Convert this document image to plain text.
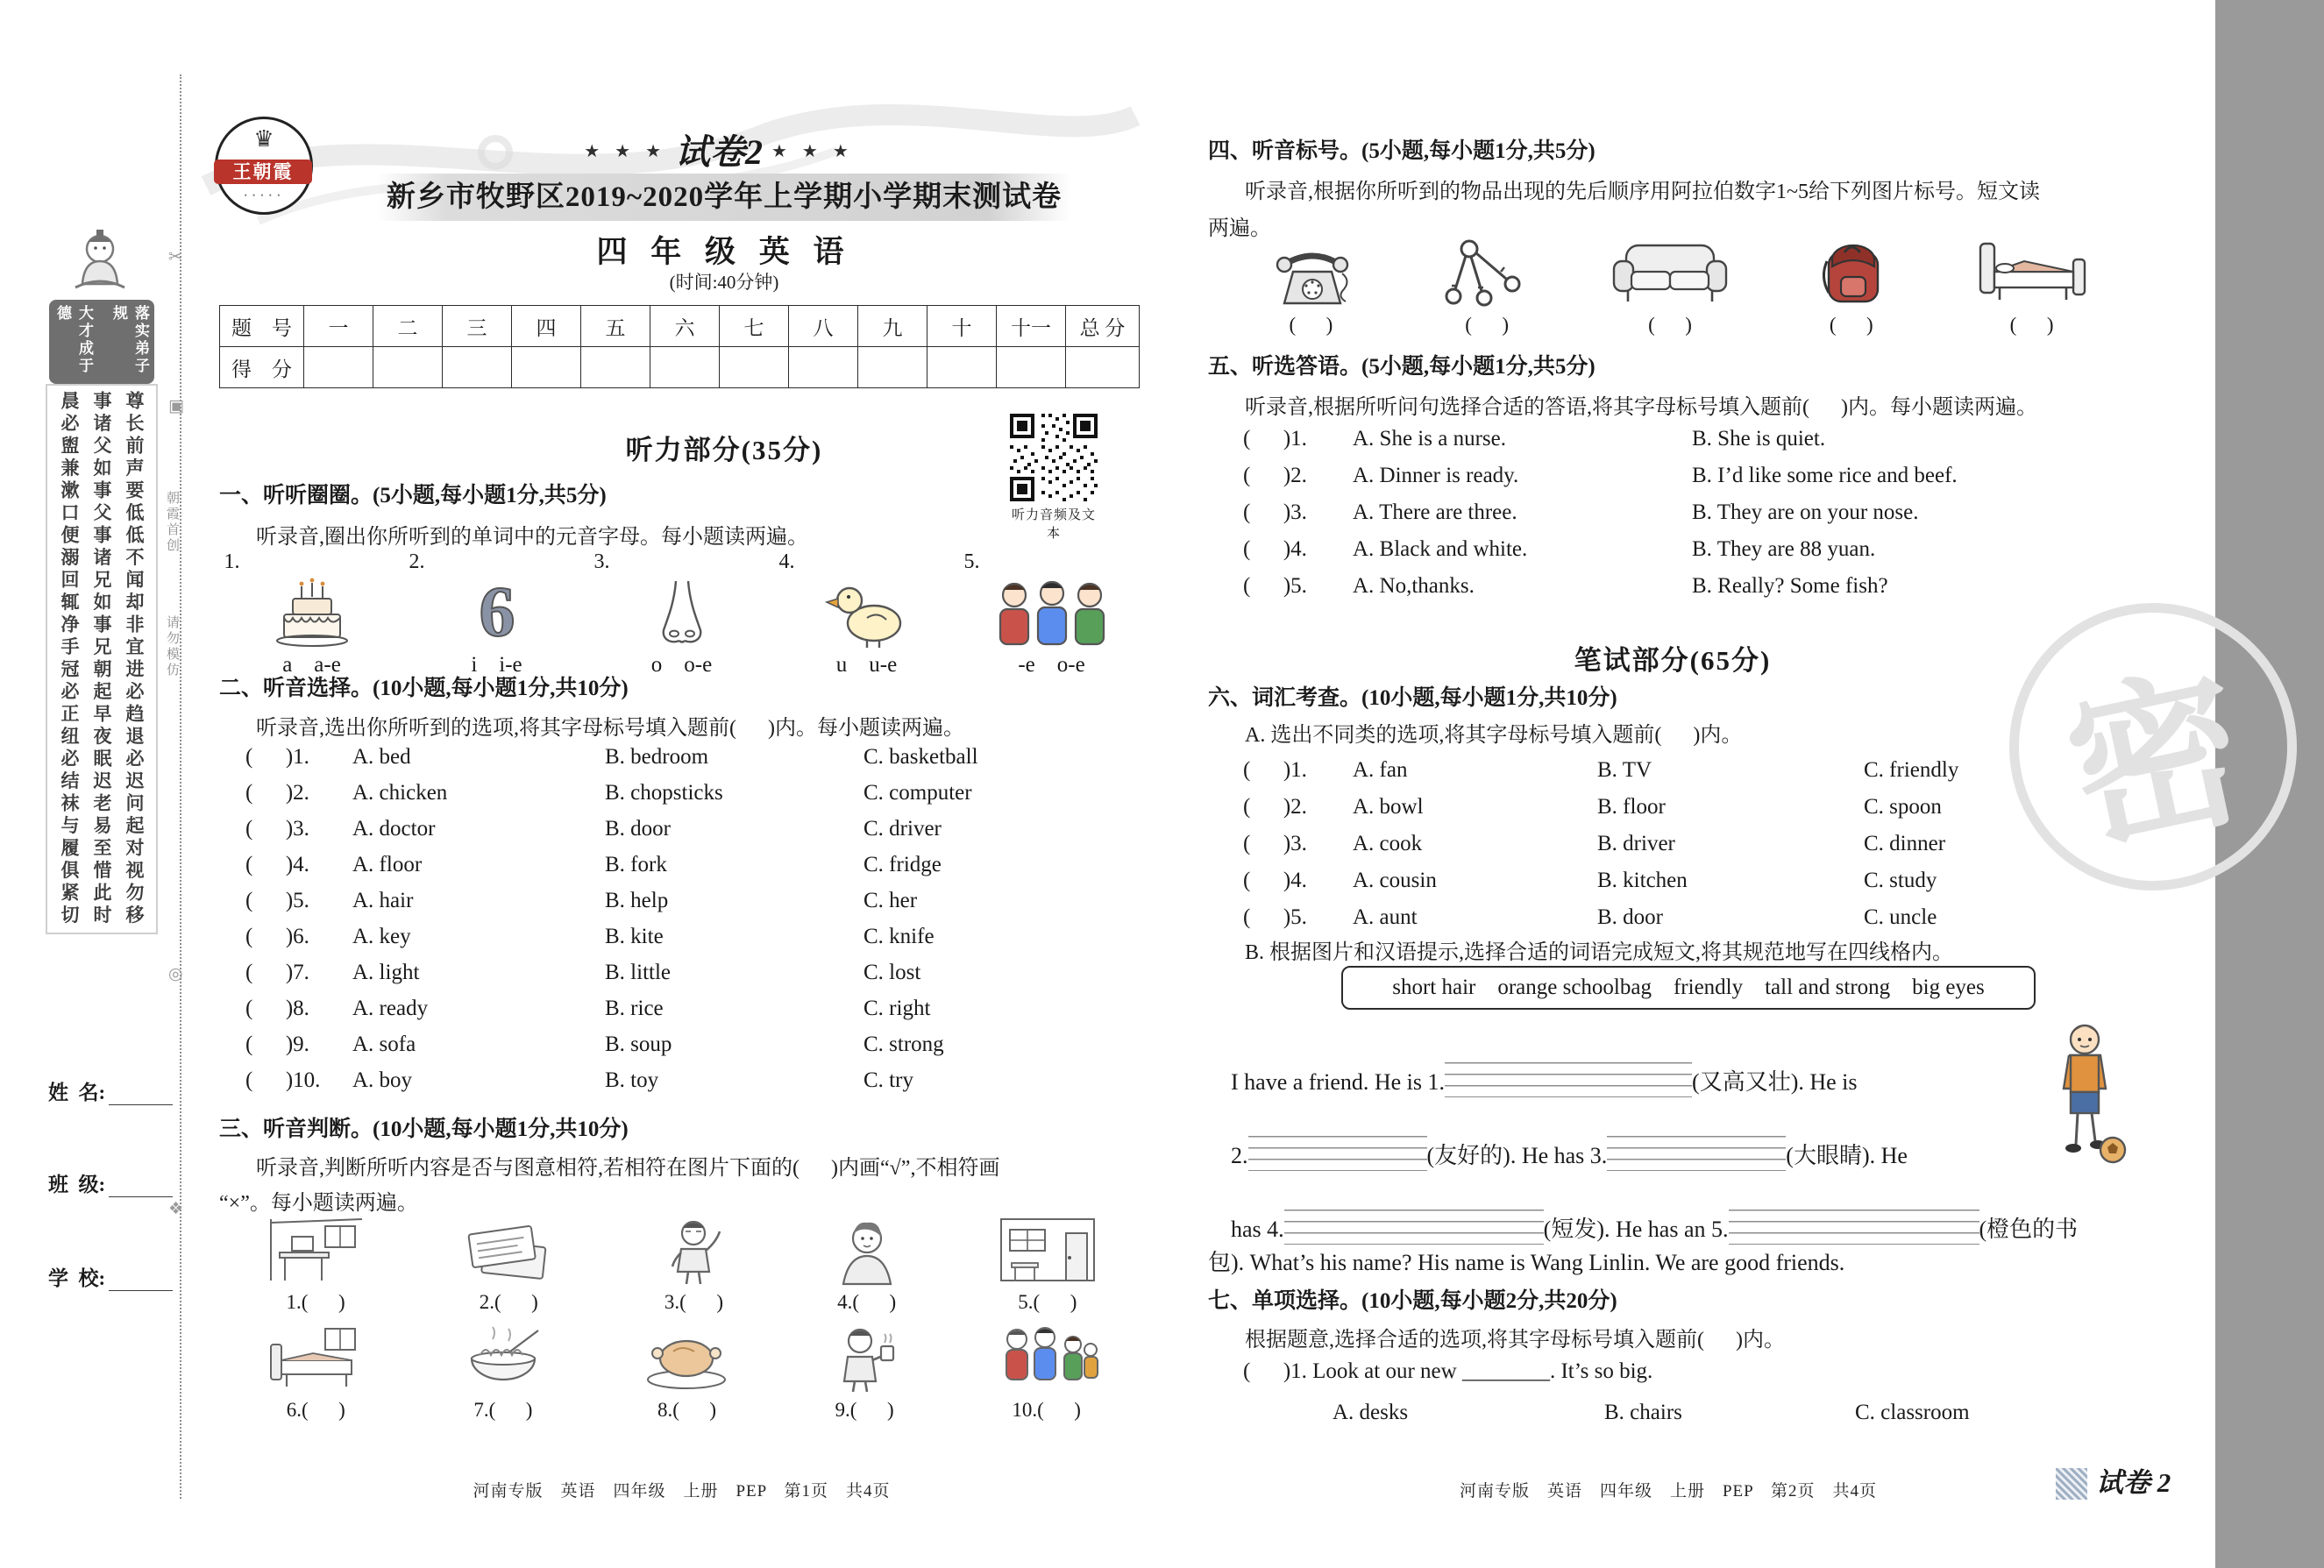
密
大才成于德	落实弟子规
晨必盥兼漱口便溺回辄净手冠必正纽必结袜与履俱紧切 事诸父如事父事诸兄如事兄朝起早夜眠迟老易至惜此时 尊长前声要低低不闻却非宜进必趋退必迟问起对视勿移
姓  名:
班  级:
学  校:
✂
▣
朝霞首创
请勿模仿
◎
❖
♛
王朝霞
• • • • •
★ ★ ★ 试卷2 ★ ★ ★
新乡市牧野区2019~2020学年上学期小学期末测试卷
四 年 级 英 语
(时间:40分钟)
题　号	一	二	三	四	五	六	七	八	九	十	十一	总 分
得　分												
听力部分(35分)
听力音频及文本
一、听听圈圈。(5小题,每小题1分,共5分)
听录音,圈出你所听到的单词中的元音字母。每小题读两遍。
1.
a    a-e
2.
6
i    i-e
3.
o    o-e
4.
u    u-e
5.
-e    o-e
二、听音选择。(10小题,每小题1分,共10分)
听录音,选出你所听到的选项,将其字母标号填入题前(      )内。每小题读两遍。
(      )1.	A. bed	B. bedroom	C. basketball
(      )2.	A. chicken	B. chopsticks	C. computer
(      )3.	A. doctor	B. door	C. driver
(      )4.	A. floor	B. fork	C. fridge
(      )5.	A. hair	B. help	C. her
(      )6.	A. key	B. kite	C. knife
(      )7.	A. light	B. little	C. lost
(      )8.	A. ready	B. rice	C. right
(      )9.	A. sofa	B. soup	C. strong
(      )10.	A. boy	B. toy	C. try
三、听音判断。(10小题,每小题1分,共10分)
听录音,判断所听内容是否与图意相符,若相符在图片下面的(      )内画“√”,不相符画
“×”。每小题读两遍。
1.(      )	2.(      )	3.(      )	4.(      )	5.(      )
6.(      )	7.(      )	8.(      )	9.(      )	10.(      )
河南专版　英语　四年级　上册　PEP　第1页　共4页
四、听音标号。(5小题,每小题1分,共5分)
听录音,根据你所听到的物品出现的先后顺序用阿拉伯数字1~5给下列图片标号。短文读
两遍。
(      )	(      )	(      )	(      )	(      )
五、听选答语。(5小题,每小题1分,共5分)
听录音,根据所听问句选择合适的答语,将其字母标号填入题前(      )内。每小题读两遍。
(      )1.	A. She is a nurse.	B. She is quiet.
(      )2.	A. Dinner is ready.	B. I’d like some rice and beef.
(      )3.	A. There are three.	B. They are on your nose.
(      )4.	A. Black and white.	B. They are 88 yuan.
(      )5.	A. No,thanks.	B. Really? Some fish?
笔试部分(65分)
六、词汇考查。(10小题,每小题1分,共10分)
A. 选出不同类的选项,将其字母标号填入题前(      )内。
(      )1.	A. fan	B. TV	C. friendly
(      )2.	A. bowl	B. floor	C. spoon
(      )3.	A. cook	B. driver	C. dinner
(      )4.	A. cousin	B. kitchen	C. study
(      )5.	A. aunt	B. door	C. uncle
B. 根据图片和汉语提示,选择合适的词语完成短文,将其规范地写在四线格内。
short hair    orange schoolbag    friendly    tall and strong    big eyes

I have a friend. He is 1.	(又高又壮). He is

2.	(友好的). He has 3.	(大眼睛). He

has 4.	(短发). He has an 5.	(橙色的书

包). What’s his name? His name is Wang Linlin. We are good friends.
七、单项选择。(10小题,每小题2分,共20分)
根据题意,选择合适的选项,将其字母标号填入题前(      )内。
(      )1. Look at our new ________. It’s so big.
A. desks	B. chairs	C. classroom
河南专版　英语　四年级　上册　PEP　第2页　共4页	试卷 2
